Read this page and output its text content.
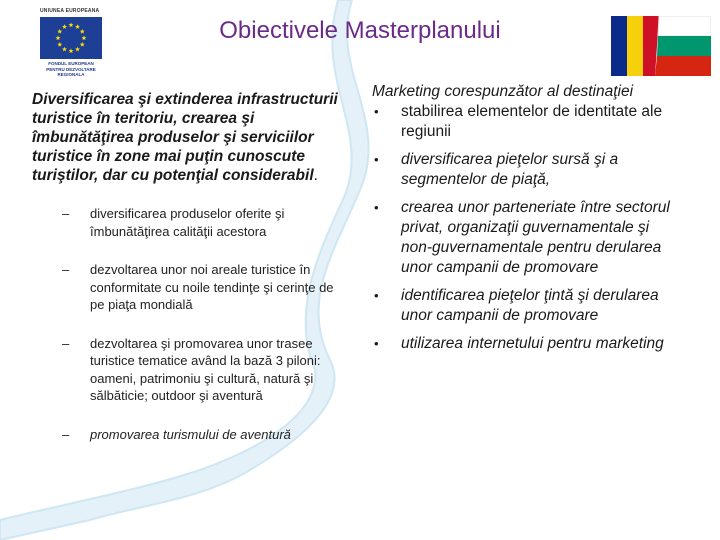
UNIUNEA EUROPEANA
FONDUL EUROPEAN PENTRU DEZVOLTARE REGIONALA
Obiectivele Masterplanului

Diversificarea şi extinderea infrastructurii turistice în teritoriu, crearea şi îmbunătăţirea produselor şi serviciilor turistice în zone mai puţin cunoscute turiştilor, dar cu potenţial considerabil.

– diversificarea produselor oferite şi îmbunătăţirea calităţii acestora
– dezvoltarea unor noi areale turistice în conformitate cu noile tendinţe şi cerinţe de pe piaţa mondială
– dezvoltarea şi promovarea unor trasee turistice tematice având la bază 3 piloni: oameni, patrimoniu şi cultură, natură şi sălbăticie; outdoor şi aventură
– promovarea turismului de aventură

Marketing corespunzător al destinaţiei

• stabilirea elementelor de identitate ale regiunii
• diversificarea pieţelor sursă şi a segmentelor de piaţă,
• crearea unor parteneriate între sectorul privat, organizaţii guvernamentale şi non-guvernamentale pentru derularea unor campanii de promovare
• identificarea pieţelor ţintă şi derularea unor campanii de promovare
• utilizarea internetului pentru marketing
